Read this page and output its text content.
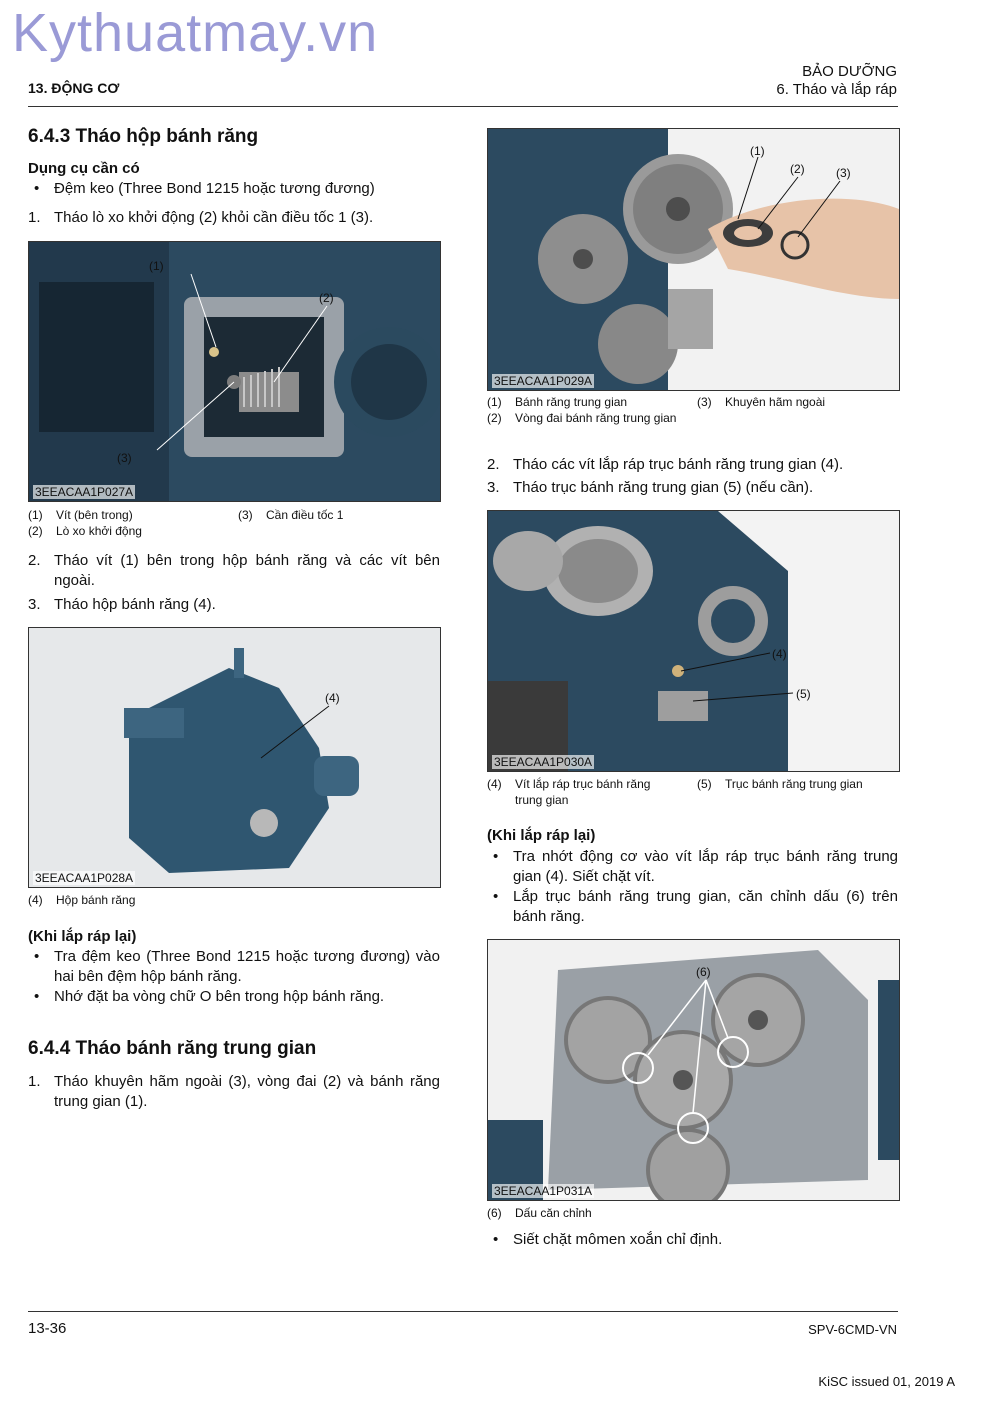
Kythuatmay.vn
13. ĐỘNG CƠ
BẢO DƯỠNG
6. Tháo và lắp ráp
6.4.3 Tháo hộp bánh răng
Dụng cụ cần có
• Đệm keo (Three Bond 1215 hoặc tương đương)
1. Tháo lò xo khởi động (2) khỏi cần điều tốc 1 (3).
(1)
(2)
(3)
3EEACAA1P027A
(1)	Vít (bên trong)
(2)	Lò xo khởi động
(3)	Cần điều tốc 1
2. Tháo vít (1) bên trong hộp bánh răng và các vít bên ngoài.
3. Tháo hộp bánh răng (4).
(4)
3EEACAA1P028A
(4)	Hộp bánh răng
(Khi lắp ráp lại)
• Tra đệm keo (Three Bond 1215 hoặc tương đương) vào hai bên đệm hộp bánh răng.
• Nhớ đặt ba vòng chữ O bên trong hộp bánh răng.
6.4.4 Tháo bánh răng trung gian
1. Tháo khuyên hãm ngoài (3), vòng đai (2) và bánh răng trung gian (1).
(1)
(2)	(3)
3EEACAA1P029A
(1)	Bánh răng trung gian
(2)	Vòng đai bánh răng trung gian
(3)	Khuyên hãm ngoài
2. Tháo các vít lắp ráp trục bánh răng trung gian (4).
3. Tháo trục bánh răng trung gian (5) (nếu cần).
(4)
(5)
3EEACAA1P030A
(4)	Vít lắp ráp trục bánh răng trung gian
(5)	Trục bánh răng trung gian
(Khi lắp ráp lại)
• Tra nhớt động cơ vào vít lắp ráp trục bánh răng trung gian (4). Siết chặt vít.
• Lắp trục bánh răng trung gian, căn chỉnh dấu (6) trên bánh răng.
(6)
3EEACAA1P031A
(6)	Dấu căn chỉnh
• Siết chặt mômen xoắn chỉ định.
13-36	SPV-6CMD-VN
KiSC issued 01, 2019 A
